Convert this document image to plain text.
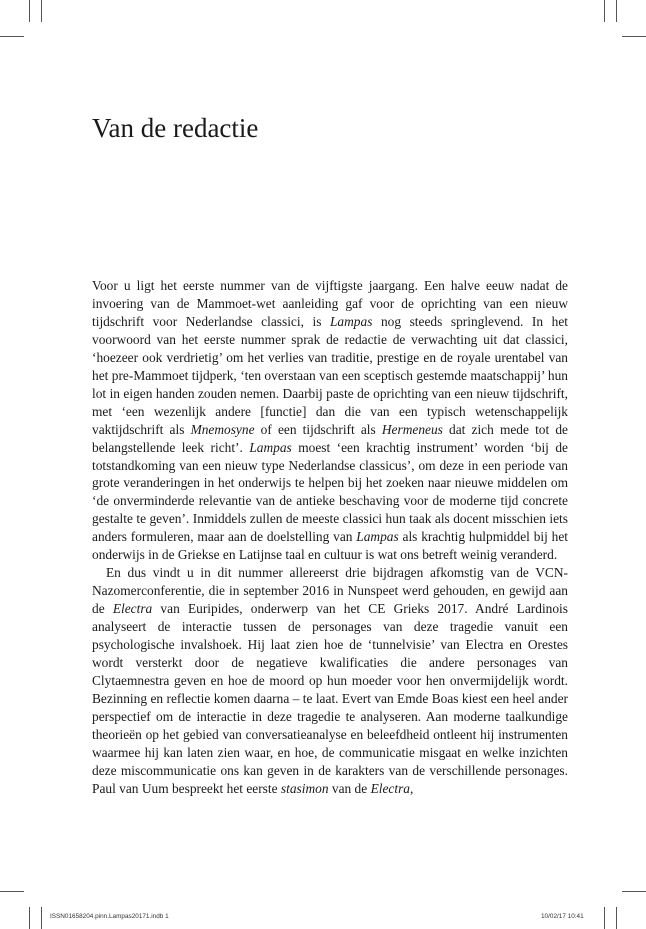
Van de redactie

Voor u ligt het eerste nummer van de vijftigste jaargang. Een halve eeuw nadat de invoering van de Mammoet-wet aanleiding gaf voor de oprichting van een nieuw tijdschrift voor Nederlandse classici, is Lampas nog steeds springlevend. In het voorwoord van het eerste nummer sprak de redactie de verwachting uit dat classici, ‘hoezeer ook verdrietig’ om het verlies van traditie, prestige en de royale urentabel van het pre-Mammoet tijdperk, ‘ten overstaan van een sceptisch gestemde maatschappij’ hun lot in eigen handen zouden nemen. Daarbij paste de oprichting van een nieuw tijdschrift, met ‘een wezenlijk andere [functie] dan die van een typisch wetenschappelijk vaktijdschrift als Mnemosyne of een tijdschrift als Hermeneus dat zich mede tot de belangstellende leek richt’. Lampas moest ‘een krachtig instrument’ worden ‘bij de totstandkoming van een nieuw type Nederlandse classicus’, om deze in een periode van grote veranderingen in het onderwijs te helpen bij het zoeken naar nieuwe middelen om ‘de onverminderde relevantie van de antieke beschaving voor de moderne tijd concrete gestalte te geven’. Inmiddels zullen de meeste classici hun taak als docent misschien iets anders formuleren, maar aan de doelstelling van Lampas als krachtig hulpmiddel bij het onderwijs in de Griekse en Latijnse taal en cultuur is wat ons betreft weinig veranderd.

En dus vindt u in dit nummer allereerst drie bijdragen afkomstig van de VCN-Nazomerconferentie, die in september 2016 in Nunspeet werd gehouden, en gewijd aan de Electra van Euripides, onderwerp van het CE Grieks 2017. André Lardinois analyseert de interactie tussen de personages van deze tragedie vanuit een psychologische invalshoek. Hij laat zien hoe de ‘tunnelvisie’ van Electra en Orestes wordt versterkt door de negatieve kwalificaties die andere personages van Clytaemnestra geven en hoe de moord op hun moeder voor hen onvermijdelijk wordt. Bezinning en reflectie komen daarna – te laat. Evert van Emde Boas kiest een heel ander perspectief om de interactie in deze tragedie te analyseren. Aan moderne taalkundige theorieën op het gebied van conversatieanalyse en beleefdheid ontleent hij instrumenten waarmee hij kan laten zien waar, en hoe, de communicatie misgaat en welke inzichten deze miscommunicatie ons kan geven in de karakters van de verschillende personages. Paul van Uum bespreekt het eerste stasimon van de Electra,

ISSN01658204.pinn.Lampas20171.indb 1	10/02/17 10:41
